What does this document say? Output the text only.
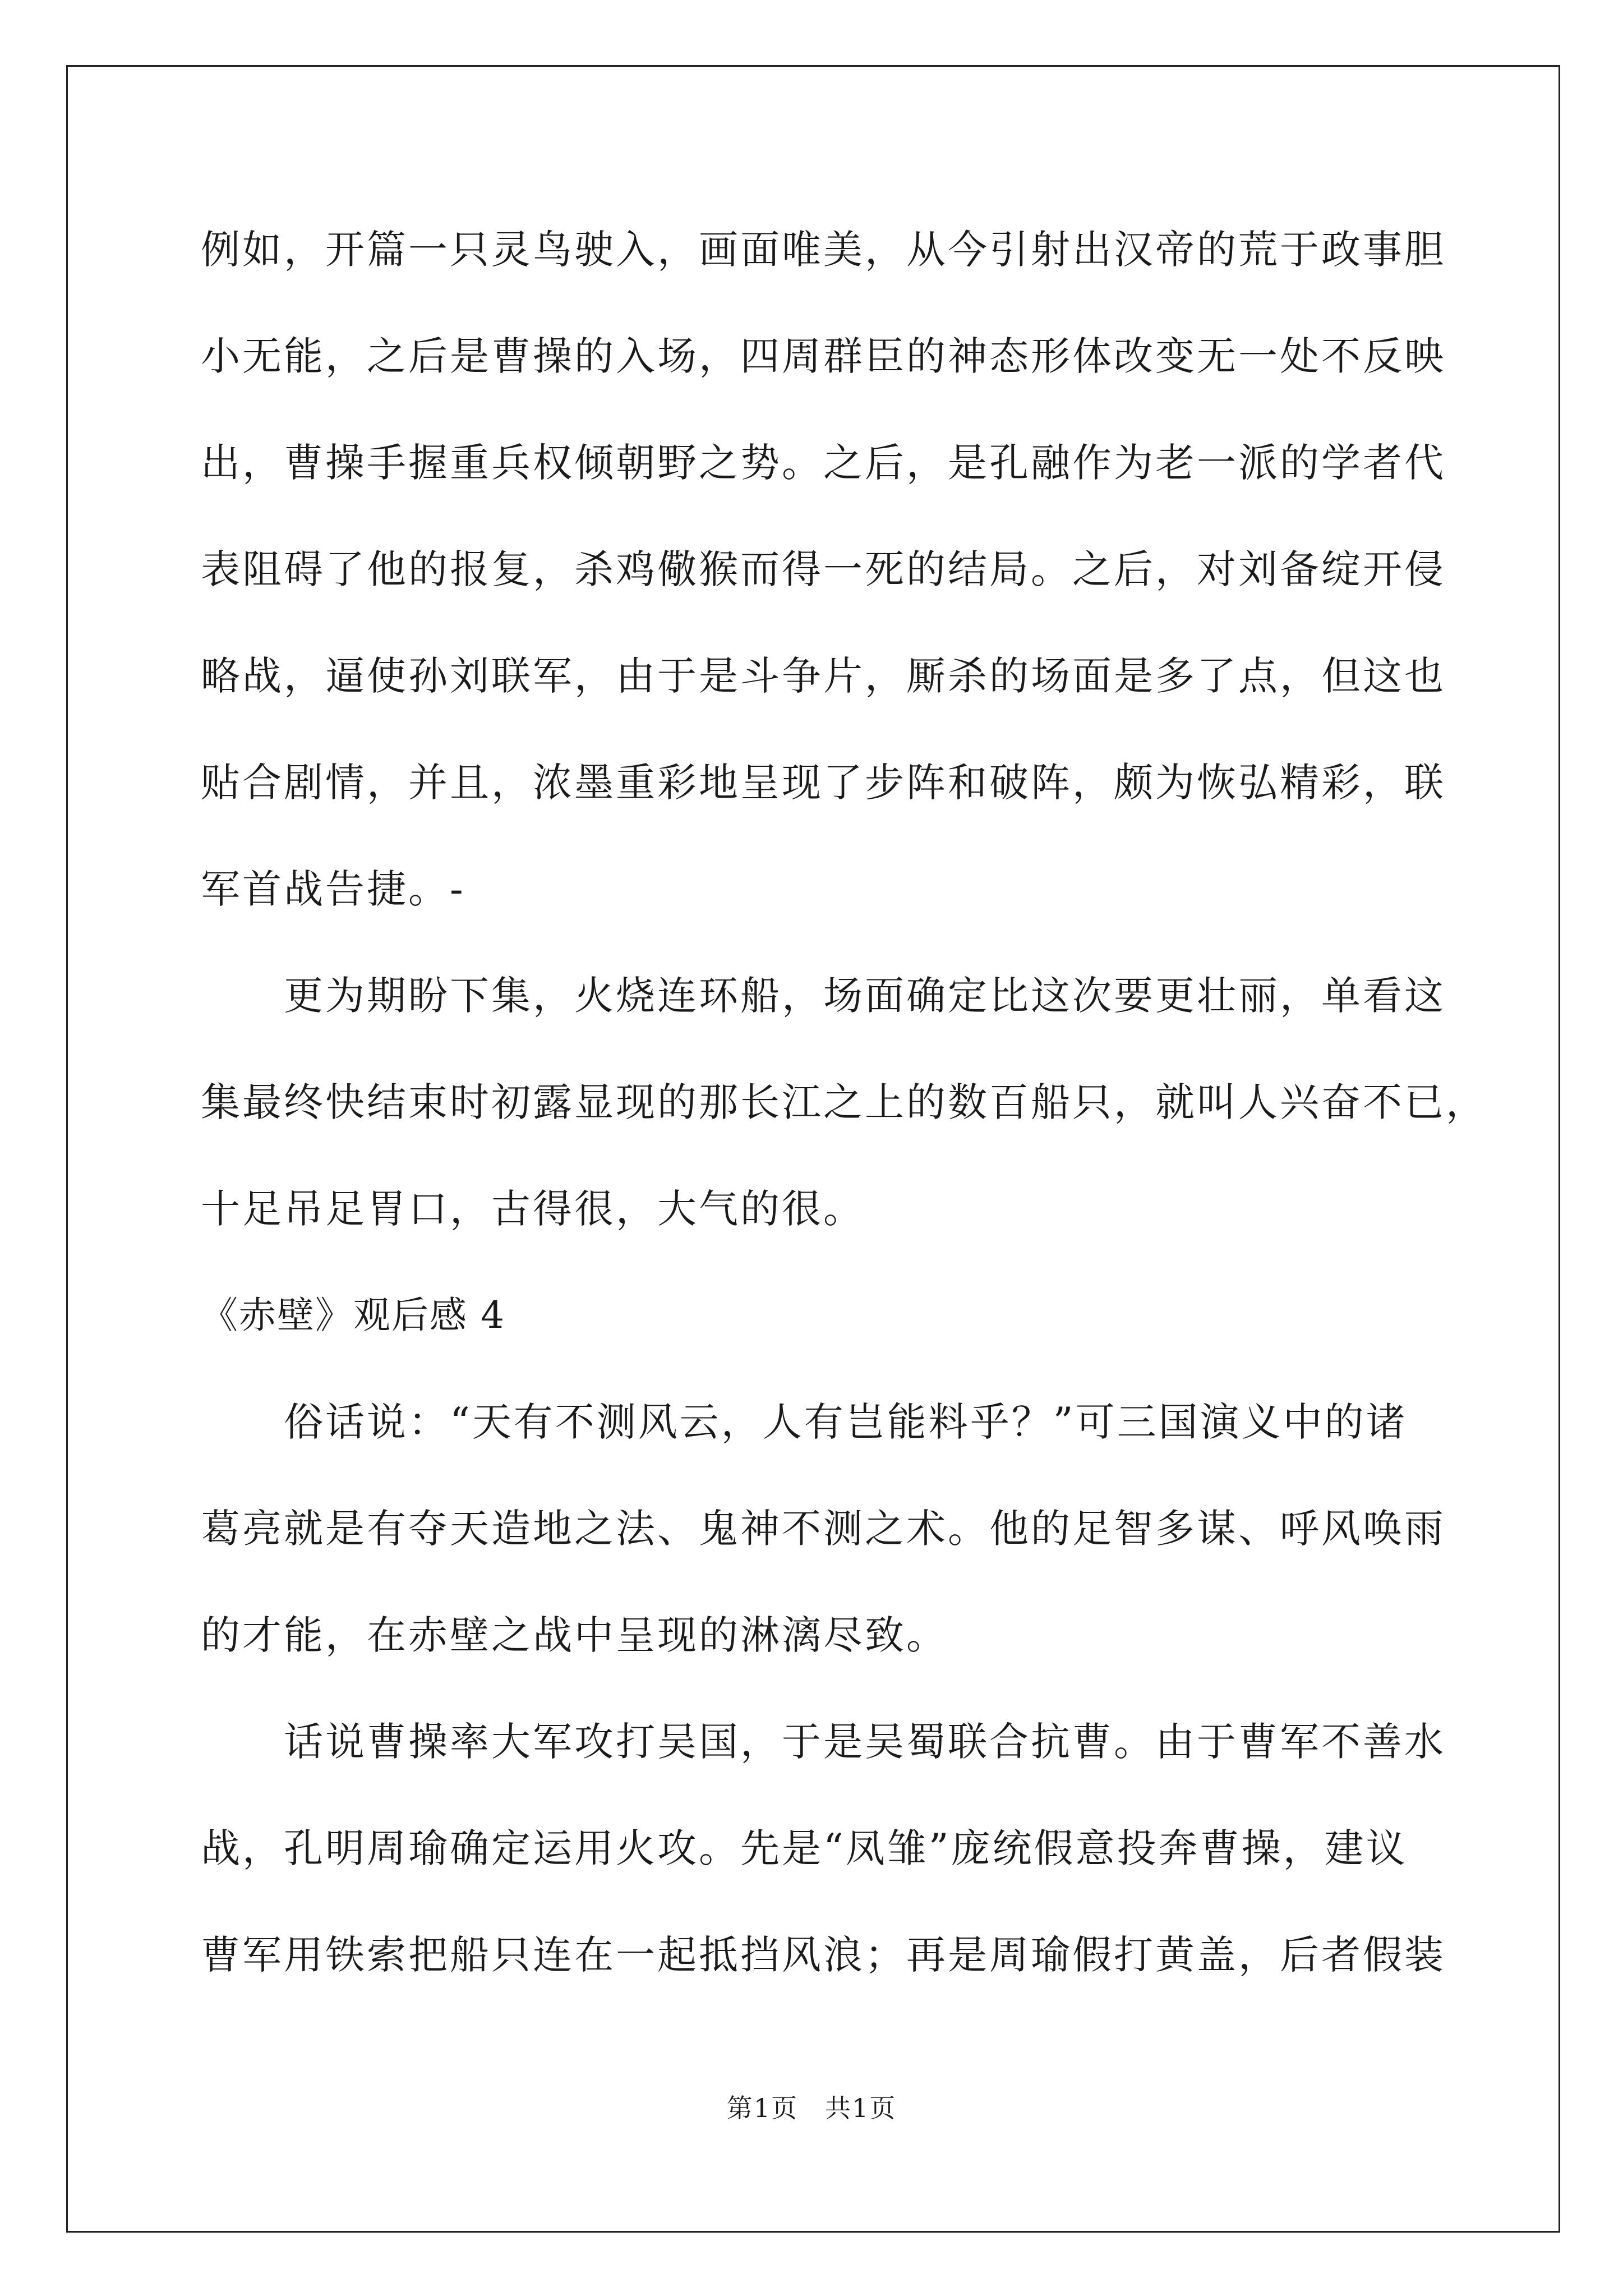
例如，开篇一只灵鸟驶入，画面唯美，从今引射出汉帝的荒于政事胆
小无能，之后是曹操的入场，四周群臣的神态形体改变无一处不反映
出，曹操手握重兵权倾朝野之势。之后，是孔融作为老一派的学者代
表阻碍了他的报复，杀鸡儆猴而得一死的结局。之后，对刘备绽开侵
略战，逼使孙刘联军，由于是斗争片，厮杀的场面是多了点，但这也
贴合剧情，并且，浓墨重彩地呈现了步阵和破阵，颇为恢弘精彩，联
军首战告捷。-
　　更为期盼下集，火烧连环船，场面确定比这次要更壮丽，单看这
集最终快结束时初露显现的那长江之上的数百船只，就叫人兴奋不已，
十足吊足胃口，古得很，大气的很。
《赤壁》观后感 4
　　俗话说：“天有不测风云，人有岂能料乎？”可三国演义中的诸
葛亮就是有夺天造地之法、鬼神不测之术。他的足智多谋、呼风唤雨
的才能，在赤壁之战中呈现的淋漓尽致。
　　话说曹操率大军攻打吴国，于是吴蜀联合抗曹。由于曹军不善水
战，孔明周瑜确定运用火攻。先是“凤雏”庞统假意投奔曹操，建议
曹军用铁索把船只连在一起抵挡风浪；再是周瑜假打黄盖，后者假装
第1页　共1页
